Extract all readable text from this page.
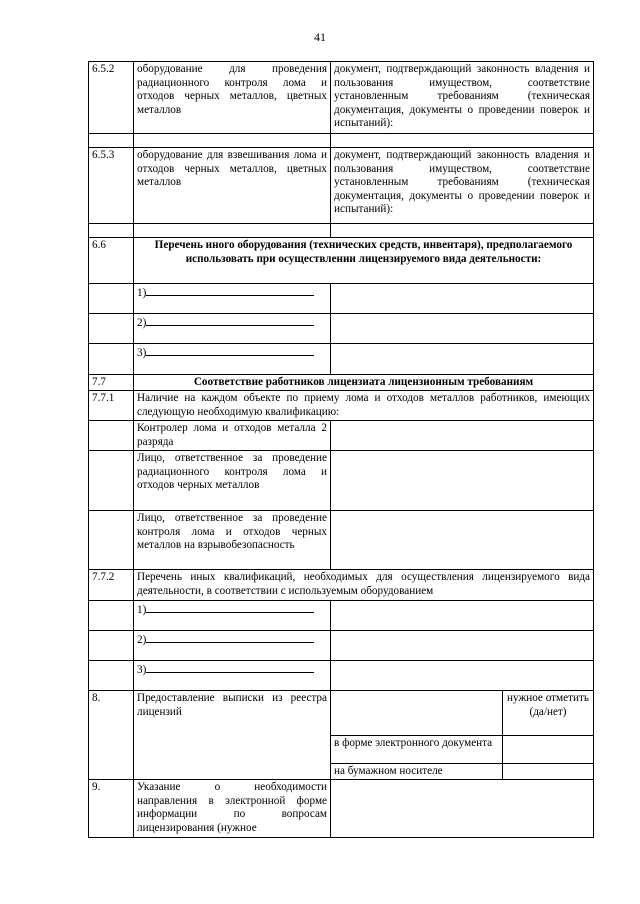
41
6.5.2	оборудование для проведения радиационного контроля лома и отходов черных металлов, цветных металлов	документ, подтверждающий законность владения и пользования имуществом, соответствие установленным требованиям (техническая документация, документы о проведении поверок и испытаний):	

6.5.3	оборудование для взвешивания лома и отходов черных металлов, цветных металлов	документ, подтверждающий законность владения и пользования имуществом, соответствие установленным требованиям (техническая документация, документы о проведении поверок и испытаний):	

6.6	Перечень иного оборудования (технических средств, инвентаря), предполагаемого использовать при осуществлении лицензируемого вида деятельности:		
	1)		
	2)		
	3)		
7.7	Соответствие работников лицензиата лицензионным требованиям		
7.7.1	Наличие на каждом объекте по приему лома и отходов металлов работников, имеющих следующую необходимую квалификацию:		
	Контролер лома и отходов металла 2 разряда		
	Лицо, ответственное за проведение радиационного контроля лома и отходов черных металлов		
	Лицо, ответственное за проведение контроля лома и отходов черных металлов на взрывобезопасность		
7.7.2	Перечень иных квалификаций, необходимых для осуществления лицензируемого вида деятельности, в соответствии с используемым оборудованием		
	1)		
	2)		
	3)		
8.	Предоставление выписки из реестра лицензий		нужное отметить (да/нет)
		в форме электронного документа	
		на бумажном носителе	
9.	Указание о необходимости направления в электронной форме информации по вопросам лицензирования (нужное		
